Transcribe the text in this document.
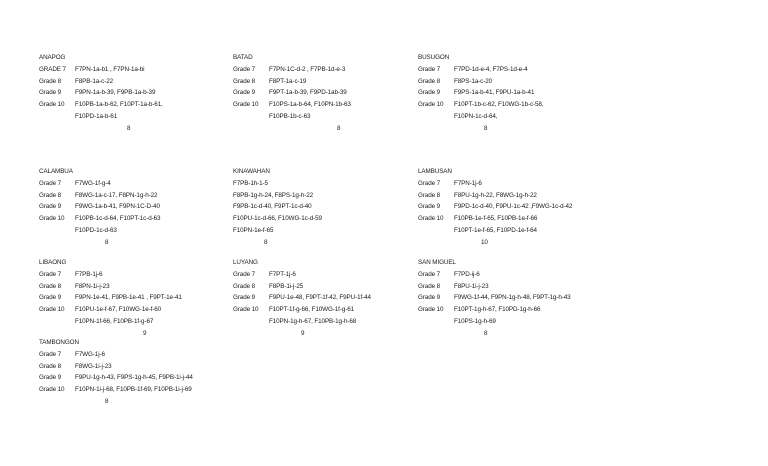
ANAPOG
GRADE 7 F7PN-1a-b1 , F7PN-1a-bi
Grade 8 F8PB-1a-c-22
Grade 9 F9PN-1a-b-39, F9PB-1a-b-39
Grade 10 F10PB-1a-b-62, F10PT-1a-b-61,
F10PD-1a-b-61
8
BATAD
Grade 7 F7PN-1C-d-2 , F7PB-1d-e-3
Grade 8 F8PT-1a-c-19
Grade 9 F9PT-1a-b-39, F9PD-1ab-39
Grade 10 F10PS-1a-b-64, F10PN-1b-63
F10PB-1b-c-63
8
BUSUGON
Grade 7 F7PD-1d-e-4, F7PS-1d-e-4
Grade 8 F8PS-1a-c-20
Grade 9 F9PS-1a-b-41, F9PU-1a-b-41
Grade 10 F10PT-1b-c-62, F10WG-1b-c-58,
F10PN-1c-d-64,
8
CALAMBUA
Grade 7 F7WG-1f-g-4
Grade 8 F8WG-1a-c-17, F8PN-1g-h-22
Grade 9 F9WG-1a-b-41, F9PN-1C-D-40
Grade 10 F10PB-1c-d-64, F10PT-1c-d-63
F10PD-1c-d-63
8
KINAWAHAN
F7PB-1h-1-5
F8PB-1g-h-24, F8PS-1g-h-22
F9PB-1c-d-40, F9PT-1c-d-40
F10PU-1c-d-66, F10WG-1c-d-59
F10PN-1e-f-65
8
LAMBUSAN
Grade 7 F7PN-1j-6
Grade 8 F8PU-1g-h-22, F8WG-1g-h-22
Grade 9 F9PD-1c-d-40, F9PU-1c-42 ,F9WG-1c-d-42
Grade 10 F10PB-1e-f-65, F10PB-1e-f-66
F10PT-1e-f-65, F10PD-1e-f-64
10
LIBAONG
Grade 7 F7PB-1j-6
Grade 8 F8PN-1i-j-23
Grade 9 F9PN-1e-41, F9PB-1e-41 , F9PT-1e-41
Grade 10 F10PU-1e-f-67, F10WG-1e-f-60
F10PN-1f-66, F10PB-1f-g-67
9
LUYANG
Grade 7 F7PT-1j-6
Grade 8 F8PB-1i-j-25
Grade 9 F9PU-1e-48, F9PT-1f-42, F9PU-1f-44
Grade 10 F10PT-1f-g-66, F10WG-1f-g-61
F10PN-1g-h-67, F10PB-1g-h-68
9
SAN MIGUEL
Grade 7 F7PD-ij-6
Grade 8 F8PU-1i-j-23
Grade 9 F9WG-1f-44, F9PN-1g-h-48, F9PT-1g-h-43
Grade 10 F10PT-1g-h-67, F10PD-1g-h-66
F10PS-1g-h-69
8
TAMBONGON
Grade 7 F7WG-1j-6
Grade 8 F8WG-1i-j-23
Grade 9 F9PU-1g-h-43, F9PS-1g-h-45, F9PB-1i-j-44
Grade 10 F10PN-1i-j-68, F10PB-1f-69, F10PB-1i-j-69
8
